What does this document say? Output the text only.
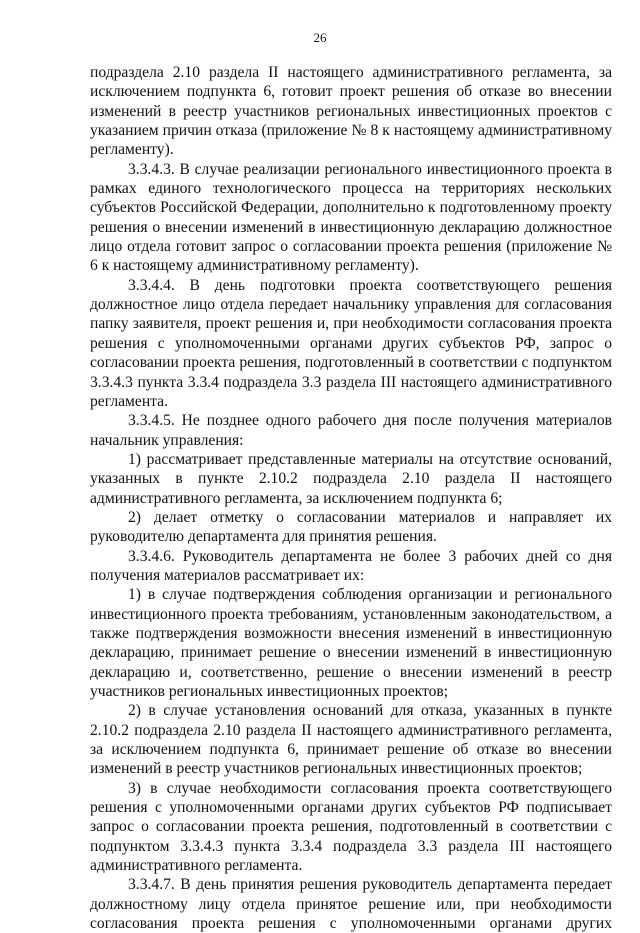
26

подраздела 2.10 раздела II настоящего административного регламента, за исключением подпункта 6, готовит проект решения об отказе во внесении изменений в реестр участников региональных инвестиционных проектов с указанием причин отказа (приложение № 8 к настоящему административному регламенту).

3.3.4.3. В случае реализации регионального инвестиционного проекта в рамках единого технологического процесса на территориях нескольких субъектов Российской Федерации, дополнительно к подготовленному проекту решения о внесении изменений в инвестиционную декларацию должностное лицо отдела готовит запрос о согласовании проекта решения (приложение № 6 к настоящему административному регламенту).

3.3.4.4. В день подготовки проекта соответствующего решения должностное лицо отдела передает начальнику управления для согласования папку заявителя, проект решения и, при необходимости согласования проекта решения с уполномоченными органами других субъектов РФ, запрос о согласовании проекта решения, подготовленный в соответствии с подпунктом 3.3.4.3 пункта 3.3.4 подраздела 3.3 раздела III настоящего административного регламента.

3.3.4.5. Не позднее одного рабочего дня после получения материалов начальник управления:

1) рассматривает представленные материалы на отсутствие оснований, указанных в пункте 2.10.2 подраздела 2.10 раздела II настоящего административного регламента, за исключением подпункта 6;

2) делает отметку о согласовании материалов и направляет их руководителю департамента для принятия решения.

3.3.4.6. Руководитель департамента не более 3 рабочих дней со дня получения материалов рассматривает их:

1) в случае подтверждения соблюдения организации и регионального инвестиционного проекта требованиям, установленным законодательством, а также подтверждения возможности внесения изменений в инвестиционную декларацию, принимает решение о внесении изменений в инвестиционную декларацию и, соответственно, решение о внесении изменений в реестр участников региональных инвестиционных проектов;

2) в случае установления оснований для отказа, указанных в пункте 2.10.2 подраздела 2.10 раздела II настоящего административного регламента, за исключением подпункта 6, принимает решение об отказе во внесении изменений в реестр участников региональных инвестиционных проектов;

3) в случае необходимости согласования проекта соответствующего решения с уполномоченными органами других субъектов РФ подписывает запрос о согласовании проекта решения, подготовленный в соответствии с подпунктом 3.3.4.3 пункта 3.3.4 подраздела 3.3 раздела III настоящего административного регламента.

3.3.4.7. В день принятия решения руководитель департамента передает должностному лицу отдела принятое решение или, при необходимости согласования проекта решения с уполномоченными органами других
